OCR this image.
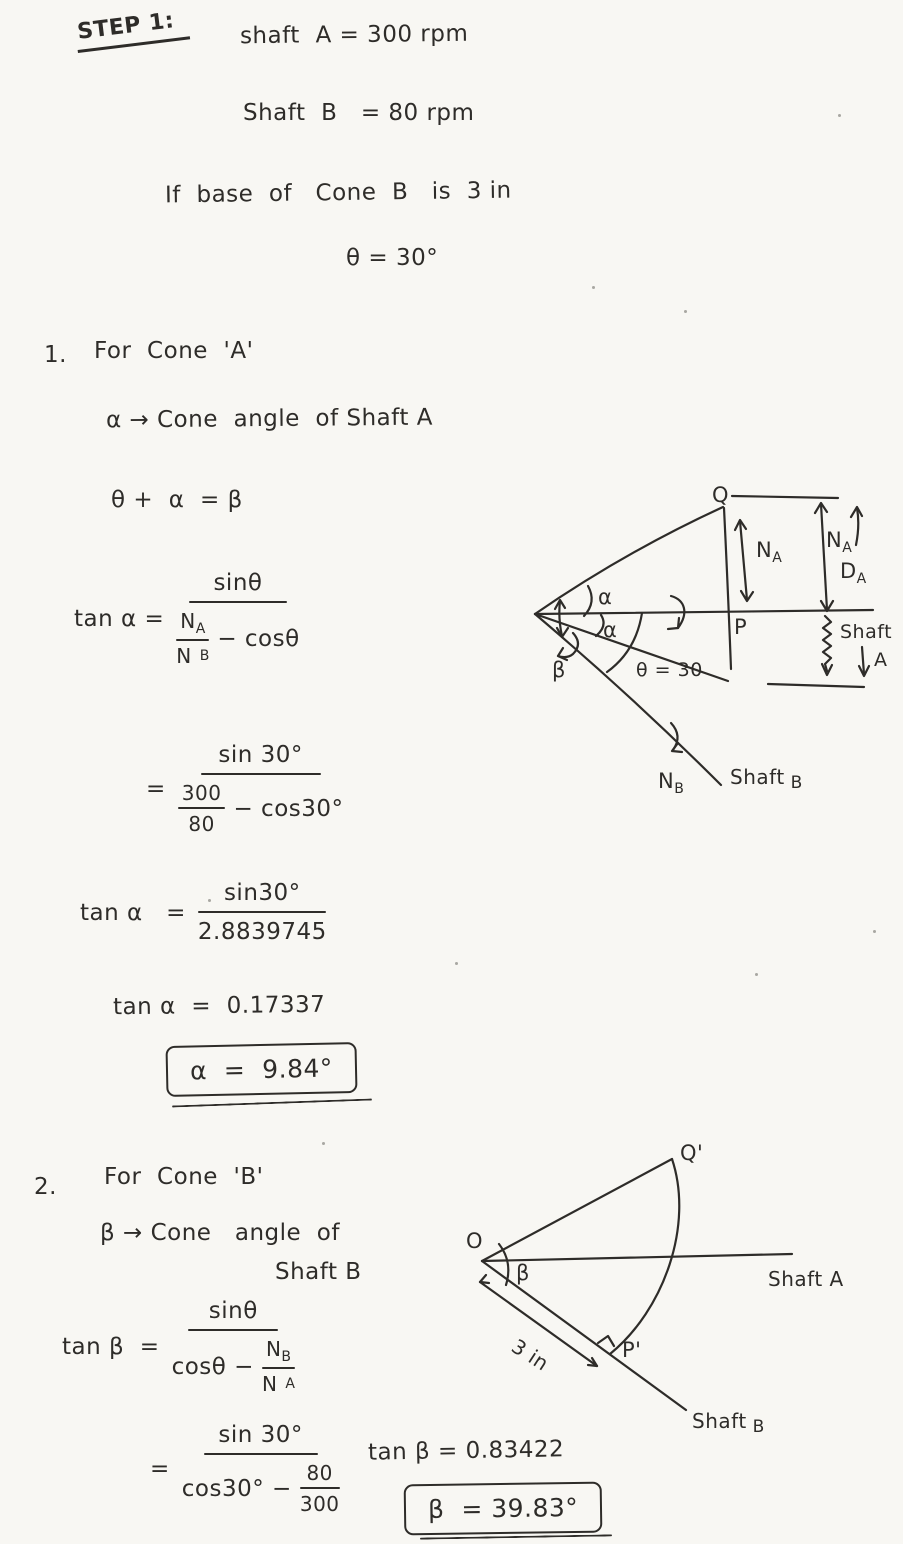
STEP 1:	shaft  A = 300 rpm
Shaft  B   = 80 rpm
If  base  of   Cone  B   is  3 in
θ = 30°
1. For  Cone  'A'
α → Cone  angle  of Shaft A
θ +  α  = β
$\tan \alpha = \frac{\sin\theta}{\frac{N_A}{\text{N B}} - \cos\theta}$
= $\frac{\sin 30^\circ}{\frac{300}{80} - \cos 30^\circ}$
$\tan \alpha = \frac{\sin 30^\circ}{2.8839745}$
tan α  =  0.17337
α  =  9.84°
Q
$N_A$
P
α
α
β	θ = 30
$N_A$
$D_A$
Shaft
A
$N_B$ Shaft $_B$
2. For  Cone  'B'
β → Cone   angle  of
Shaft B
$\tan \beta = \frac{\sin\theta}{\cos\theta - \frac{N_B}{\text{N A}}}$
= $\frac{\sin 30^\circ}{\cos 30^\circ - \frac{80}{300}}$ tan β = 0.83422
β  = 39.83°
O
Q'
β	Shaft A
3 in	P'
Shaft $_B$
